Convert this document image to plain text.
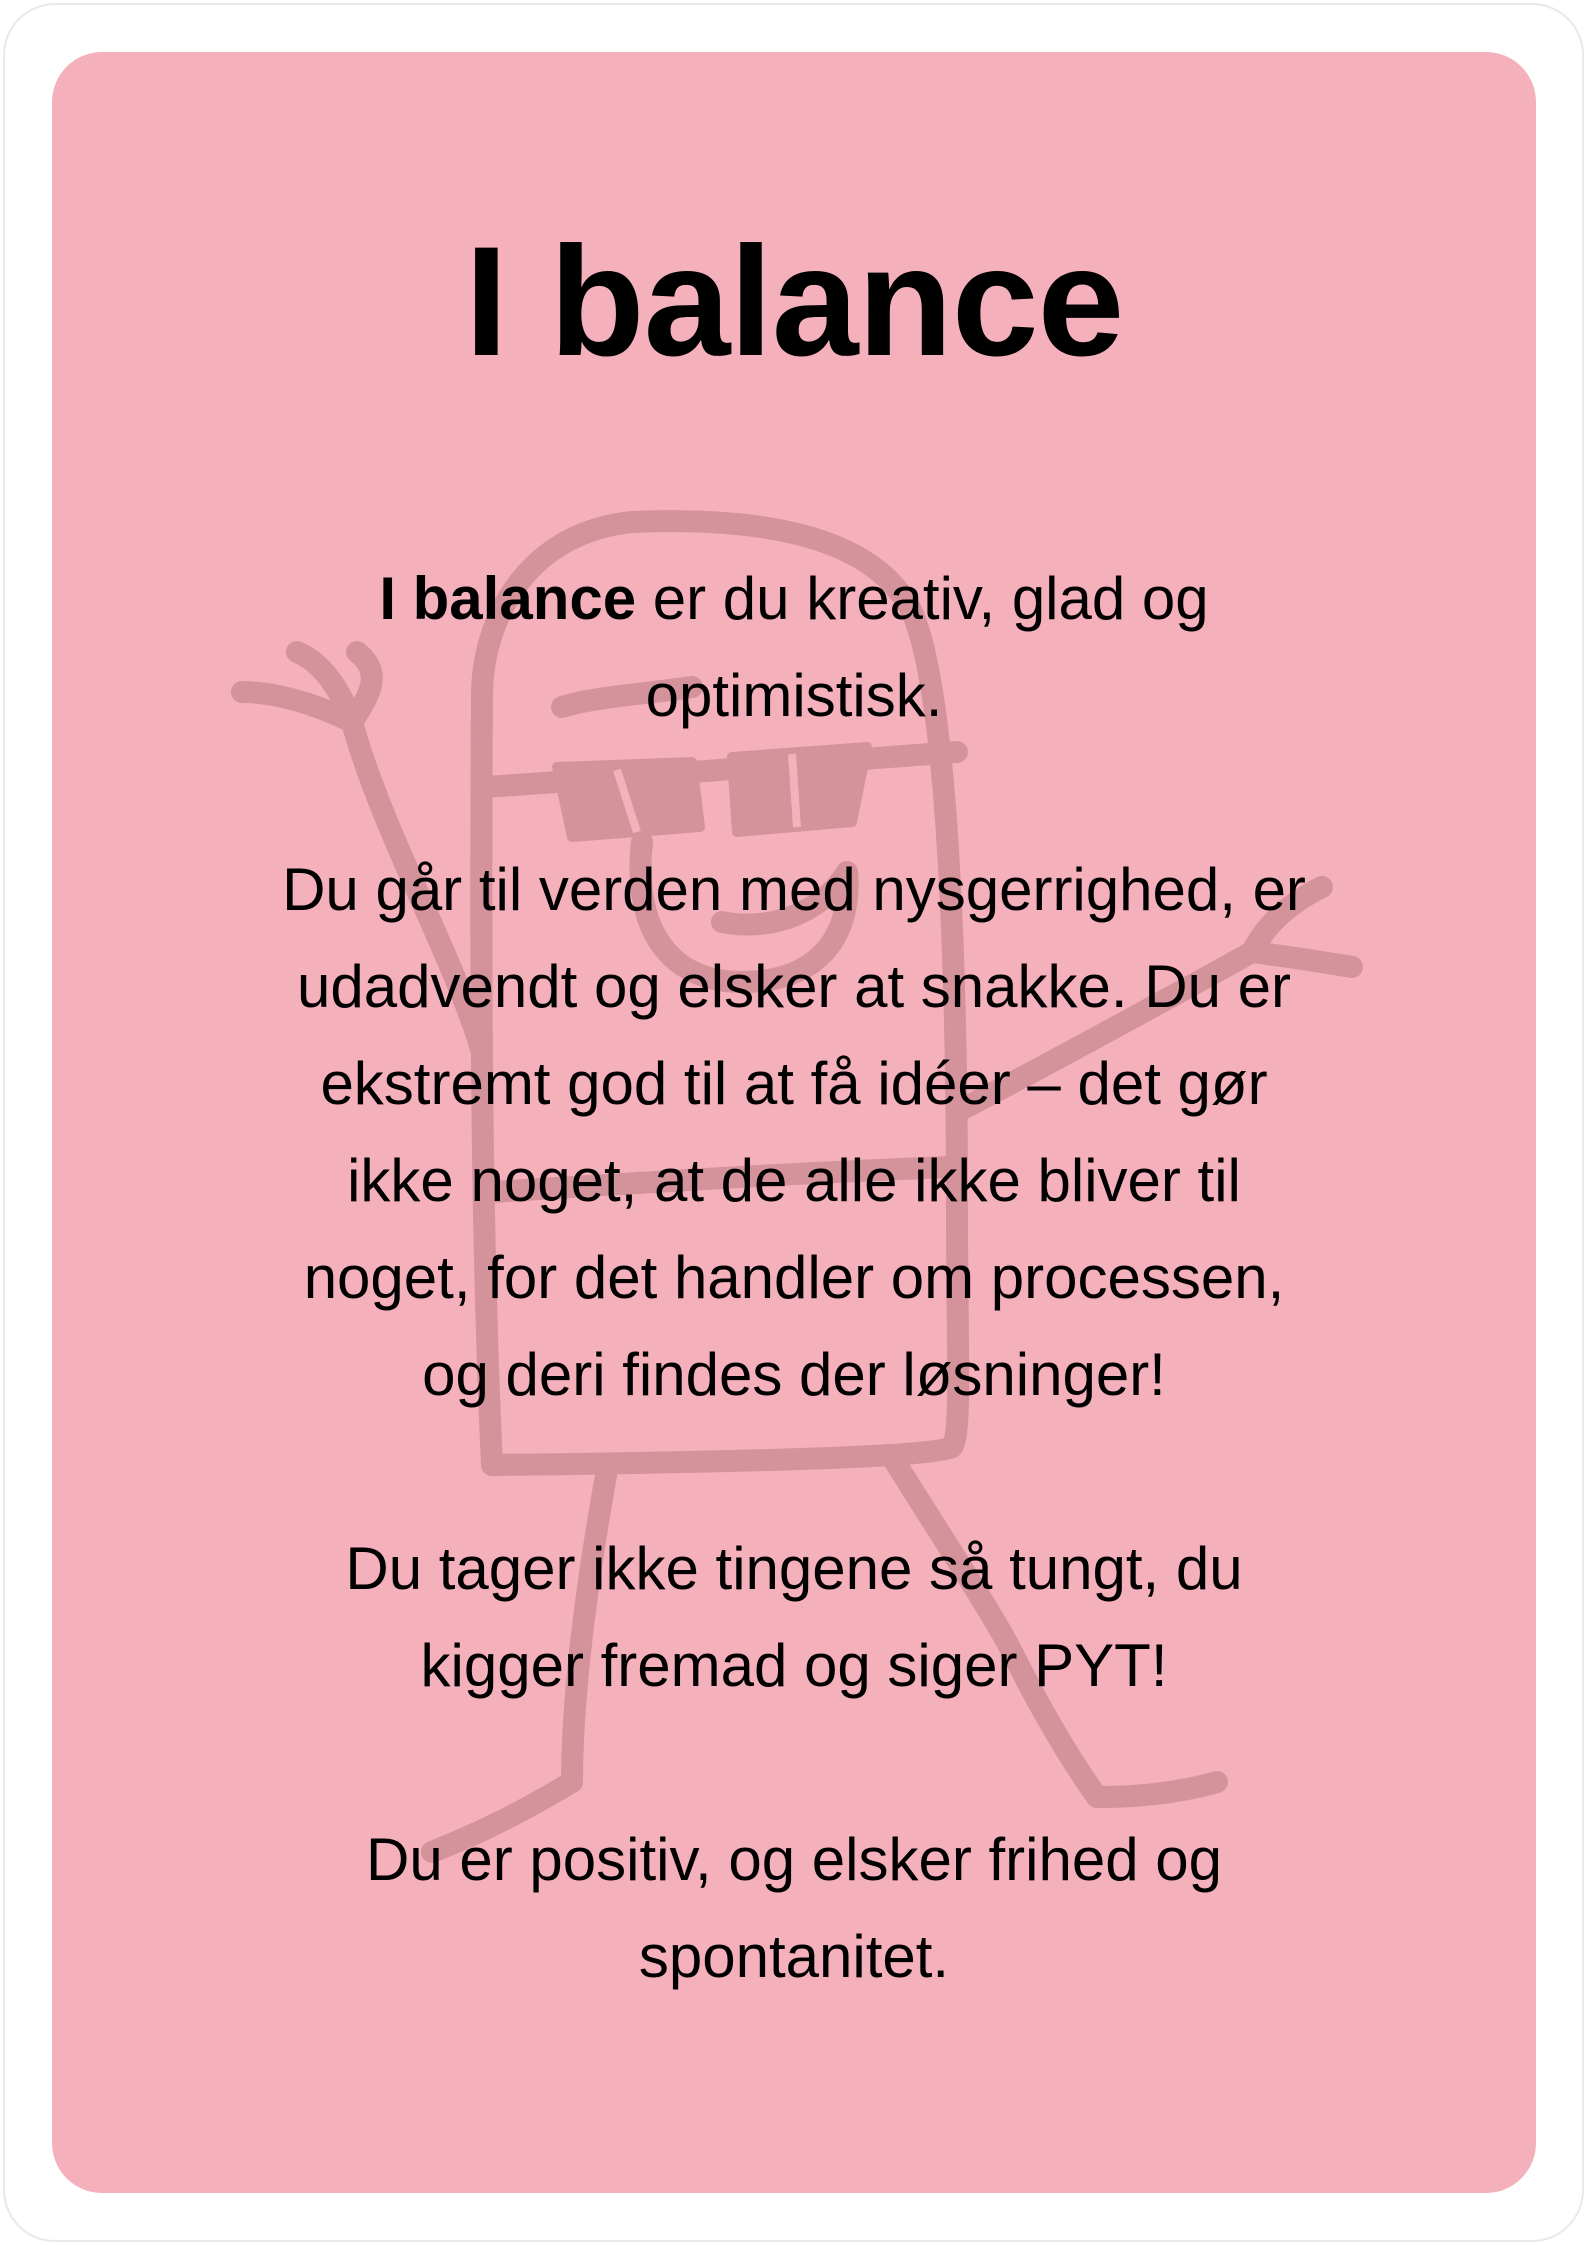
I balance

I balance er du kreativ, glad og
optimistisk.

Du går til verden med nysgerrighed, er
udadvendt og elsker at snakke. Du er
ekstremt god til at få idéer – det gør
ikke noget, at de alle ikke bliver til
noget, for det handler om processen,
og deri findes der løsninger!

Du tager ikke tingene så tungt, du
kigger fremad og siger PYT!

Du er positiv, og elsker frihed og
spontanitet.
